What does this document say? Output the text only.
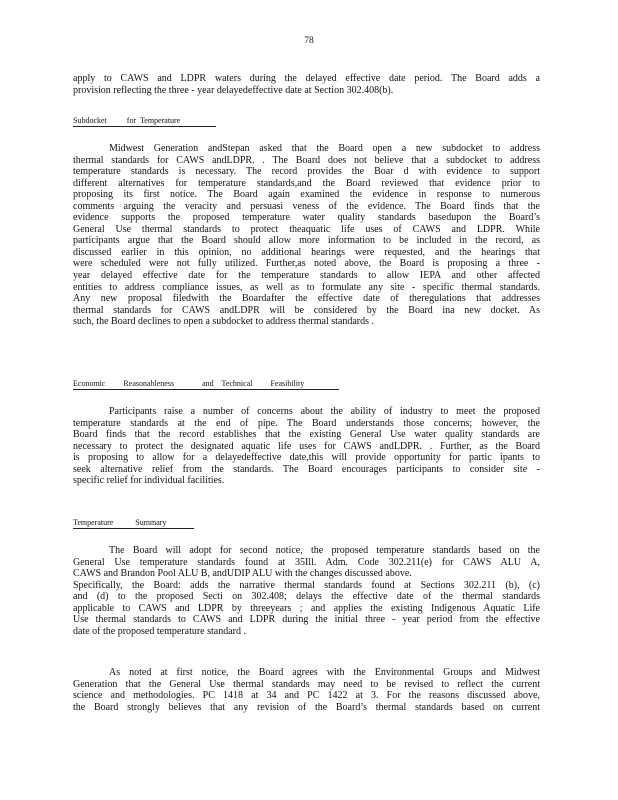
78
apply to CAWS and LDPR waters during the delayed effective date period. The Board adds a
provision reflecting the three - year delayedeffective date at Section 302.408(b).
Subdocket          for  Temperature
Midwest Generation andStepan asked that the Board open a new subdocket to address
thermal standards for CAWS andLDPR. . The Board does not believe that a subdocket to address
temperature standards is necessary. The record provides the Boar d with evidence to support
different alternatives for temperature standards,and the Board reviewed that evidence prior to
proposing its first notice. The Board again examined the evidence in response to numerous
comments arguing the veracity and persuasi veness of the evidence. The Board finds that the
evidence supports the proposed temperature water quality standards basedupon the Board’s
General Use thermal standards to protect theaquatic life uses of CAWS and LDPR. While
participants argue that the Board should allow more information to be included in the record, as
discussed earlier in this opinion, no additional hearings were requested, and the hearings that
were scheduled were not fully utilized. Further,as noted above, the Board is proposing a three -
year delayed effective date for the temperature standards to allow IEPA and other affected
entities to address compliance issues, as well as to formulate any site - specific thermal standards.
Any new proposal filedwith the Boardafter the effective date of theregulations that addresses
thermal standards for CAWS andLDPR will be considered by the Board ina new docket. As
such, the Board declines to open a subdocket to address thermal standards .
Economic         Reasonableness              and    Technical         Feasibility
Participants raise a number of concerns about the ability of industry to meet the proposed
temperature standards at the end of pipe. The Board understands those concerns; however, the
Board finds that the record establishes that the existing General Use water quality standards are
necessary to protect the designated aquatic life uses for CAWS andLDPR. . Further, as the Board
is proposing to allow for a delayedeffective date,this will provide opportunity for partic ipants to
seek alternative relief from the standards. The Board encourages participants to consider site -
specific relief for individual facilities.
Temperature           Summary
The Board will adopt for second notice, the proposed temperature standards based on the
General Use temperature standards found at 35Ill. Adm. Code 302.211(e) for CAWS ALU A,
CAWS and Brandon Pool ALU B, andUDIP ALU with the changes discussed above.
Specifically, the Board: adds the narrative thermal standards found at Sections 302.211 (b), (c)
and (d) to the proposed Secti on 302.408; delays the effective date of the thermal standards
applicable to CAWS and LDPR by threeyears ; and applies the existing Indigenous Aquatic Life
Use thermal standards to CAWS and LDPR during the initial three - year period from the effective
date of the proposed temperature standard .
As noted at first notice, the Board agrees with the Environmental Groups and Midwest
Generation that the General Use thermal standards may need to be revised to reflect the current
science and methodologies. PC 1418 at 34 and PC 1422 at 3. For the reasons discussed above,
the Board strongly believes that any revision of the Board’s thermal standards based on current
